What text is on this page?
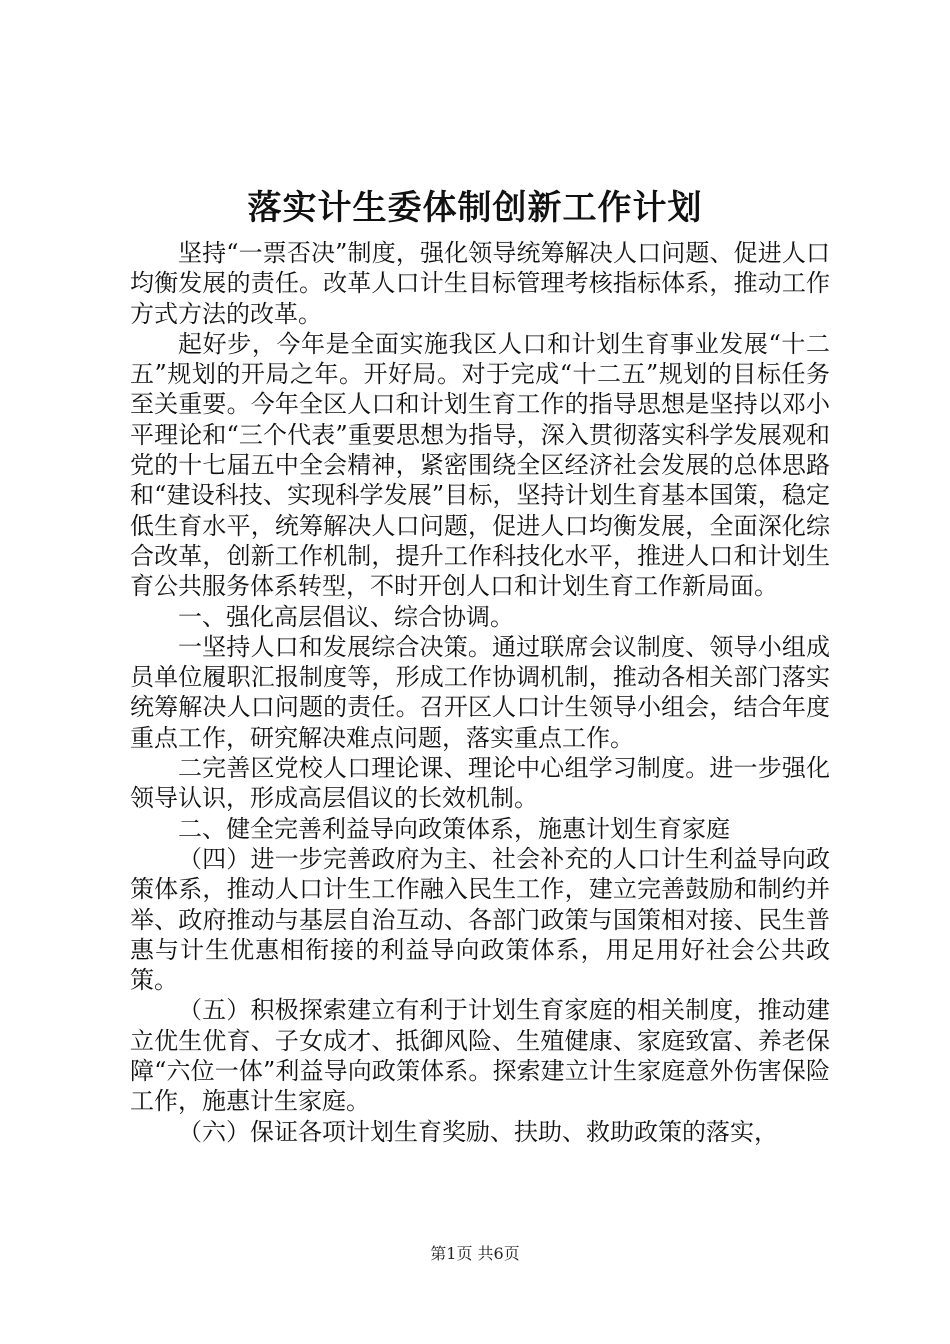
落实计生委体制创新工作计划

坚持“一票否决”制度，强化领导统筹解决人口问题、促进人口均衡发展的责任。改革人口计生目标管理考核指标体系，推动工作方式方法的改革。

起好步，今年是全面实施我区人口和计划生育事业发展“十二五”规划的开局之年。开好局。对于完成“十二五”规划的目标任务至关重要。今年全区人口和计划生育工作的指导思想是坚持以邓小平理论和“三个代表”重要思想为指导，深入贯彻落实科学发展观和党的十七届五中全会精神，紧密围绕全区经济社会发展的总体思路和“建设科技、实现科学发展”目标，坚持计划生育基本国策，稳定低生育水平，统筹解决人口问题，促进人口均衡发展，全面深化综合改革，创新工作机制，提升工作科技化水平，推进人口和计划生育公共服务体系转型，不时开创人口和计划生育工作新局面。

一、强化高层倡议、综合协调。

一坚持人口和发展综合决策。通过联席会议制度、领导小组成员单位履职汇报制度等，形成工作协调机制，推动各相关部门落实统筹解决人口问题的责任。召开区人口计生领导小组会，结合年度重点工作，研究解决难点问题，落实重点工作。

二完善区党校人口理论课、理论中心组学习制度。进一步强化领导认识，形成高层倡议的长效机制。

二、健全完善利益导向政策体系，施惠计划生育家庭

（四）进一步完善政府为主、社会补充的人口计生利益导向政策体系，推动人口计生工作融入民生工作，建立完善鼓励和制约并举、政府推动与基层自治互动、各部门政策与国策相对接、民生普惠与计生优惠相衔接的利益导向政策体系，用足用好社会公共政策。

（五）积极探索建立有利于计划生育家庭的相关制度，推动建立优生优育、子女成才、抵御风险、生殖健康、家庭致富、养老保障“六位一体”利益导向政策体系。探索建立计生家庭意外伤害保险工作，施惠计生家庭。

（六）保证各项计划生育奖励、扶助、救助政策的落实，

第1页 共6页
